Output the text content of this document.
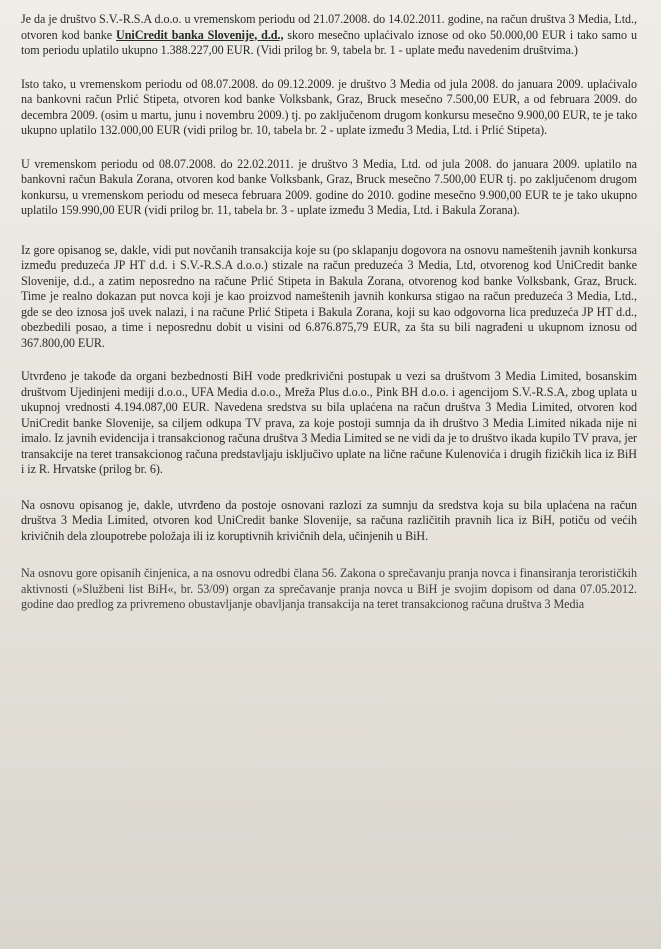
Je da je društvo S.V.-R.S.A d.o.o. u vremenskom periodu od 21.07.2008. do 14.02.2011. godine, na račun društva 3 Media, Ltd., otvoren kod banke UniCredit banka Slovenije, d.d., skoro mesečno uplaćivalo iznose od oko 50.000,00 EUR i tako samo u tom periodu uplatilo ukupno 1.388.227,00 EUR. (Vidi prilog br. 9, tabela br. 1 - uplate među navedenim društvima.)

Isto tako, u vremenskom periodu od 08.07.2008. do 09.12.2009. je društvo 3 Media od jula 2008. do januara 2009. uplaćivalo na bankovni račun Prlić Stipeta, otvoren kod banke Volksbank, Graz, Bruck mesečno 7.500,00 EUR, a od februara 2009. do decembra 2009. (osim u martu, junu i novembru 2009.) tj. po zaključenom drugom konkursu mesečno 9.900,00 EUR, te je tako ukupno uplatilo 132.000,00 EUR (vidi prilog br. 10, tabela br. 2 - uplate između 3 Media, Ltd. i Prlić Stipeta).

U vremenskom periodu od 08.07.2008. do 22.02.2011. je društvo 3 Media, Ltd. od jula 2008. do januara 2009. uplatilo na bankovni račun Bakula Zorana, otvoren kod banke Volksbank, Graz, Bruck mesečno 7.500,00 EUR tj. po zaključenom drugom konkursu, u vremenskom periodu od meseca februara 2009. godine do 2010. godine mesečno 9.900,00 EUR te je tako ukupno uplatilo 159.990,00 EUR (vidi prilog br. 11, tabela br. 3 - uplate između 3 Media, Ltd. i Bakula Zorana).

Iz gore opisanog se, dakle, vidi put novčanih transakcija koje su (po sklapanju dogovora na osnovu nameštenih javnih konkursa između preduzeća JP HT d.d. i S.V.-R.S.A d.o.o.) stizale na račun preduzeća 3 Media, Ltd, otvorenog kod UniCredit banke Slovenije, d.d., a zatim neposredno na račune Prlić Stipeta in Bakula Zorana, otvorenog kod banke Volksbank, Graz, Bruck. Time je realno dokazan put novca koji je kao proizvod nameštenih javnih konkursa stigao na račun preduzeća 3 Media, Ltd., gde se deo iznosa još uvek nalazi, i na račune Prlić Stipeta i Bakula Zorana, koji su kao odgovorna lica preduzeća JP HT d.d., obezbedili posao, a time i neposrednu dobit u visini od 6.876.875,79 EUR, za šta su bili nagrađeni u ukupnom iznosu od 367.800,00 EUR.

Utvrđeno je takođe da organi bezbednosti BiH vode predkrivični postupak u vezi sa društvom 3 Media Limited, bosanskim društvom Ujedinjeni mediji d.o.o., UFA Media d.o.o., Mreža Plus d.o.o., Pink BH d.o.o. i agencijom S.V.-R.S.A, zbog uplata u ukupnoj vrednosti 4.194.087,00 EUR. Navedena sredstva su bila uplaćena na račun društva 3 Media Limited, otvoren kod UniCredit banke Slovenije, sa ciljem odkupa TV prava, za koje postoji sumnja da ih društvo 3 Media Limited nikada nije ni imalo. Iz javnih evidencija i transakcionog računa društva 3 Media Limited se ne vidi da je to društvo ikada kupilo TV prava, jer transakcije na teret transakcionog računa predstavljaju isključivo uplate na lične račune Kulenovića i drugih fizičkih lica iz BiH i iz R. Hrvatske (prilog br. 6).

Na osnovu opisanog je, dakle, utvrđeno da postoje osnovani razlozi za sumnju da sredstva koja su bila uplaćena na račun društva 3 Media Limited, otvoren kod UniCredit banke Slovenije, sa računa različitih pravnih lica iz BiH, potiču od većih krivičnih dela zloupotrebe položaja ili iz koruptivnih krivičnih dela, učinjenih u BiH.

Na osnovu gore opisanih činjenica, a na osnovu odredbi člana 56. Zakona o sprečavanju pranja novca i finansiranja terorističkih aktivnosti (»Službeni list BiH«, br. 53/09) organ za sprečavanje pranja novca u BiH je svojim dopisom od dana 07.05.2012. godine dao predlog za privremeno obustavljanje obavljanja transakcija na teret transakcionog računa društva 3 Media
